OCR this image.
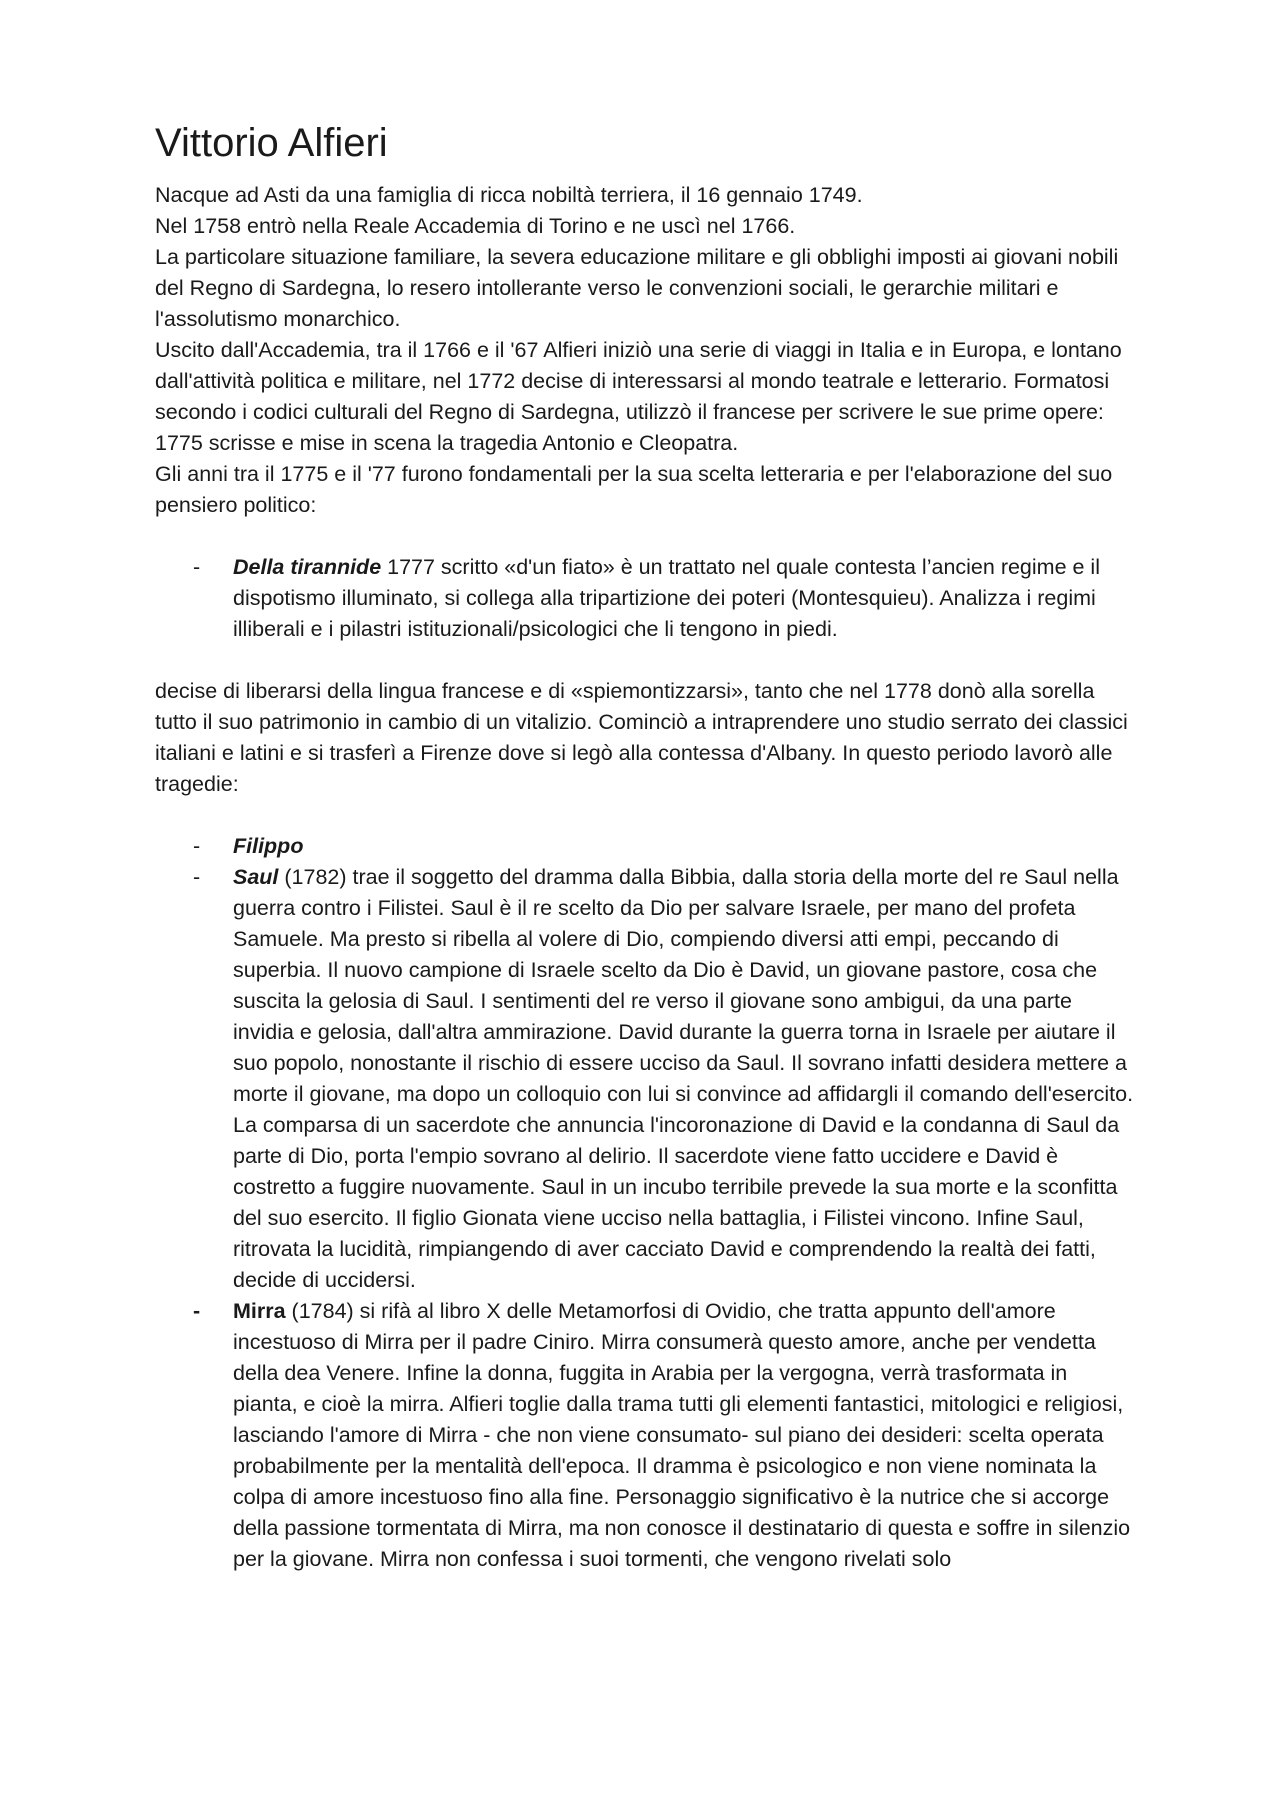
Vittorio Alfieri

Nacque ad Asti da una famiglia di ricca nobiltà terriera, il 16 gennaio 1749.

Nel 1758 entrò nella Reale Accademia di Torino e ne uscì nel 1766.

La particolare situazione familiare, la severa educazione militare e gli obblighi imposti ai giovani nobili del Regno di Sardegna, lo resero intollerante verso le convenzioni sociali, le gerarchie militari e l'assolutismo monarchico.

Uscito dall'Accademia, tra il 1766 e il '67 Alfieri iniziò una serie di viaggi in Italia e in Europa, e lontano dall'attività politica e militare, nel 1772 decise di interessarsi al mondo teatrale e letterario. Formatosi secondo i codici culturali del Regno di Sardegna, utilizzò il francese per scrivere le sue prime opere: 1775 scrisse e mise in scena la tragedia Antonio e Cleopatra.

Gli anni tra il 1775 e il '77 furono fondamentali per la sua scelta letteraria e per l'elaborazione del suo pensiero politico:

- Della tirannide 1777 scritto «d'un fiato» è un trattato nel quale contesta l’ancien regime e il dispotismo illuminato, si collega alla tripartizione dei poteri (Montesquieu). Analizza i regimi illiberali e i pilastri istituzionali/psicologici che li tengono in piedi.

decise di liberarsi della lingua francese e di «spiemontizzarsi», tanto che nel 1778 donò alla sorella tutto il suo patrimonio in cambio di un vitalizio. Cominciò a intraprendere uno studio serrato dei classici italiani e latini e si trasferì a Firenze dove si legò alla contessa d'Albany. In questo periodo lavorò alle tragedie:

- Filippo
- Saul (1782) trae il soggetto del dramma dalla Bibbia, dalla storia della morte del re Saul nella guerra contro i Filistei. Saul è il re scelto da Dio per salvare Israele, per mano del profeta Samuele. Ma presto si ribella al volere di Dio, compiendo diversi atti empi, peccando di superbia. Il nuovo campione di Israele scelto da Dio è David, un giovane pastore, cosa che suscita la gelosia di Saul. I sentimenti del re verso il giovane sono ambigui, da una parte invidia e gelosia, dall'altra ammirazione. David durante la guerra torna in Israele per aiutare il suo popolo, nonostante il rischio di essere ucciso da Saul. Il sovrano infatti desidera mettere a morte il giovane, ma dopo un colloquio con lui si convince ad affidargli il comando dell'esercito.
La comparsa di un sacerdote che annuncia l'incoronazione di David e la condanna di Saul da parte di Dio, porta l'empio sovrano al delirio. Il sacerdote viene fatto uccidere e David è costretto a fuggire nuovamente. Saul in un incubo terribile prevede la sua morte e la sconfitta del suo esercito. Il figlio Gionata viene ucciso nella battaglia, i Filistei vincono. Infine Saul, ritrovata la lucidità, rimpiangendo di aver cacciato David e comprendendo la realtà dei fatti, decide di uccidersi.
- Mirra (1784) si rifà al libro X delle Metamorfosi di Ovidio, che tratta appunto dell'amore incestuoso di Mirra per il padre Ciniro. Mirra consumerà questo amore, anche per vendetta della dea Venere. Infine la donna, fuggita in Arabia per la vergogna, verrà trasformata in pianta, e cioè la mirra. Alfieri toglie dalla trama tutti gli elementi fantastici, mitologici e religiosi, lasciando l'amore di Mirra - che non viene consumato- sul piano dei desideri: scelta operata probabilmente per la mentalità dell'epoca. Il dramma è psicologico e non viene nominata la colpa di amore incestuoso fino alla fine. Personaggio significativo è la nutrice che si accorge della passione tormentata di Mirra, ma non conosce il destinatario di questa e soffre in silenzio per la giovane. Mirra non confessa i suoi tormenti, che vengono rivelati solo
